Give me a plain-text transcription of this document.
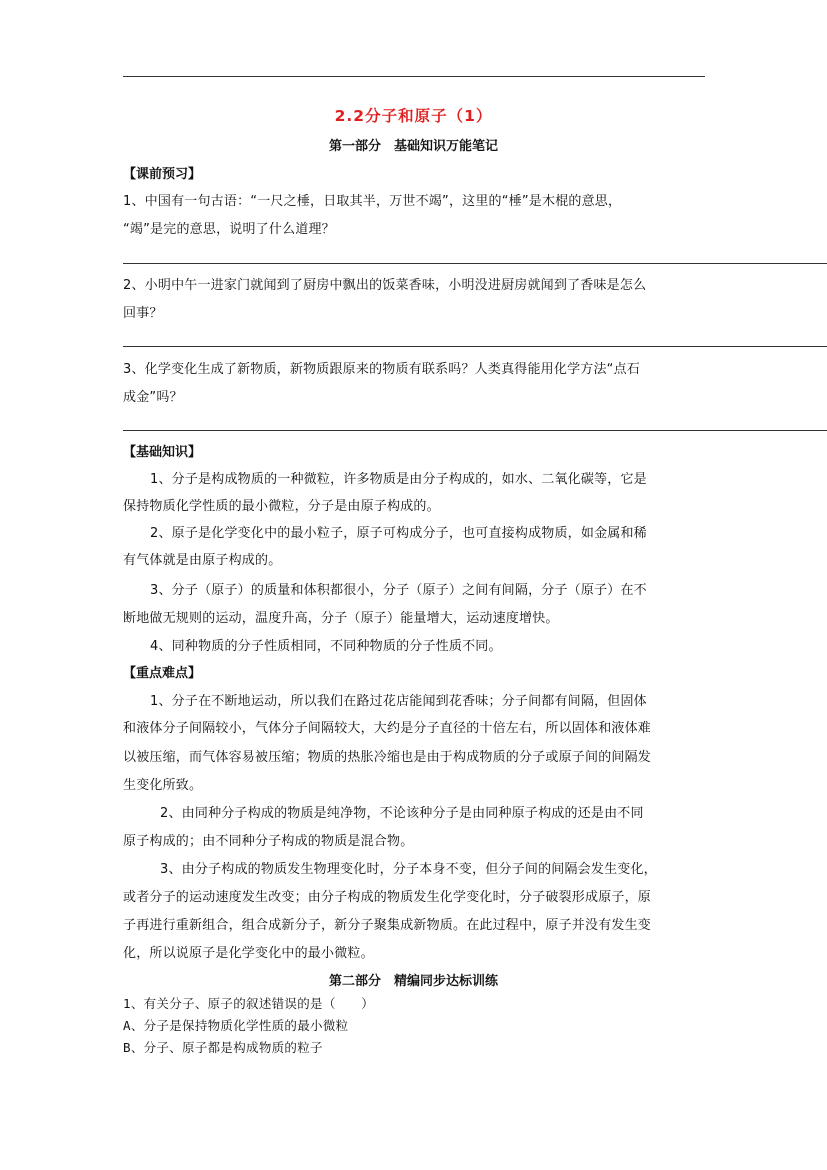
2.2分子和原子（1）
第一部分　基础知识万能笔记
【课前预习】
1、中国有一句古语：“一尺之棰，日取其半，万世不竭”，这里的“棰”是木棍的意思，
“竭”是完的意思，说明了什么道理？
2、小明中午一进家门就闻到了厨房中飘出的饭菜香味，小明没进厨房就闻到了香味是怎么
回事？
3、化学变化生成了新物质，新物质跟原来的物质有联系吗？人类真得能用化学方法“点石
成金”吗？
【基础知识】
1、分子是构成物质的一种微粒，许多物质是由分子构成的，如水、二氧化碳等，它是
保持物质化学性质的最小微粒，分子是由原子构成的。
2、原子是化学变化中的最小粒子，原子可构成分子，也可直接构成物质，如金属和稀
有气体就是由原子构成的。
3、分子（原子）的质量和体积都很小，分子（原子）之间有间隔，分子（原子）在不
断地做无规则的运动，温度升高，分子（原子）能量增大，运动速度增快。
4、同种物质的分子性质相同，不同种物质的分子性质不同。
【重点难点】
1、分子在不断地运动，所以我们在路过花店能闻到花香味；分子间都有间隔，但固体
和液体分子间隔较小，气体分子间隔较大，大约是分子直径的十倍左右，所以固体和液体难
以被压缩，而气体容易被压缩；物质的热胀冷缩也是由于构成物质的分子或原子间的间隔发
生变化所致。
2、由同种分子构成的物质是纯净物，不论该种分子是由同种原子构成的还是由不同
原子构成的；由不同种分子构成的物质是混合物。
3、由分子构成的物质发生物理变化时，分子本身不变，但分子间的间隔会发生变化，
或者分子的运动速度发生改变；由分子构成的物质发生化学变化时，分子破裂形成原子，原
子再进行重新组合，组合成新分子，新分子聚集成新物质。在此过程中，原子并没有发生变
化，所以说原子是化学变化中的最小微粒。
第二部分　精编同步达标训练
1、有关分子、原子的叙述错误的是（　　）
A、分子是保持物质化学性质的最小微粒
B、分子、原子都是构成物质的粒子
